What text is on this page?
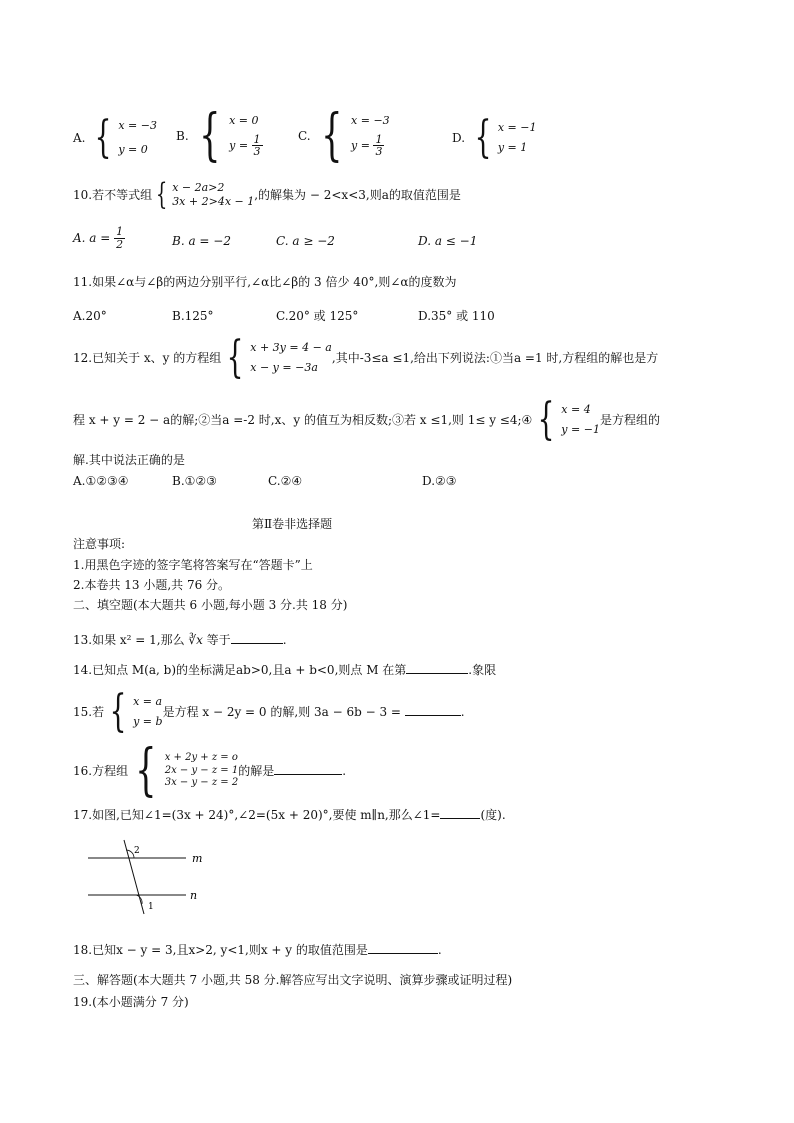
A. { x = −3
y = 0
B. { x = 0
$y = \frac{1}{3}$	C. { x = −3
$y = \frac{1}{3}$	D. { x = −1
y = 1
10.若不等式组 { x − 2a>2
3x + 2>4x − 1 ,的解集为 − 2<x<3,则a的取值范围是
A. $a = \frac{1}{2}$	B. a = −2	C. a ≥ −2	D. a ≤ −1
11.如果∠α与∠β的两边分别平行,∠α比∠β的 3 倍少 40°,则∠α的度数为
A.20°	B.125°	C.20° 或 125°	D.35° 或 110
12.已知关于 x、y 的方程组 { x + 3y = 4 − a
x − y = −3a
,其中-3≤a ≤1,给出下列说法:①当a =1 时,方程组的解也是方
程 x + y = 2 − a的解;②当a =-2 时,x、y 的值互为相反数;③若 x ≤1,则 1≤ y ≤4;④ { x = 4
y = −1
是方程组的
解.其中说法正确的是
A.①②③④	B.①②③	C.②④	D.②③
第Ⅱ卷非选择题
注意事项:
1.用黑色字迹的签字笔将答案写在“答题卡”上
2.本卷共 13 小题,共 76 分。
二、填空题(本大题共 6 小题,每小题 3 分.共 18 分)
13.如果 x² = 1,那么 ∛x 等于	.
14.已知点 M(a, b)的坐标满足ab>0,且a + b<0,则点 M 在第	.象限
15.若 { x = a
y = b
是方程 x − 2y = 0 的解,则 3a − 6b − 3 =	.
16.方程组 { x + 2y + z = o
2x − y − z = 1
3x − y − z = 2
的解是	.
17.如图,已知∠1=(3x + 24)°,∠2=(5x + 20)°,要使 m∥n,那么∠1=	(度).
2
1
m
n
18.已知x − y = 3,且x>2, y<1,则x + y 的取值范围是	.
三、解答题(本大题共 7 小题,共 58 分.解答应写出文字说明、演算步骤或证明过程)
19.(本小题满分 7 分)
